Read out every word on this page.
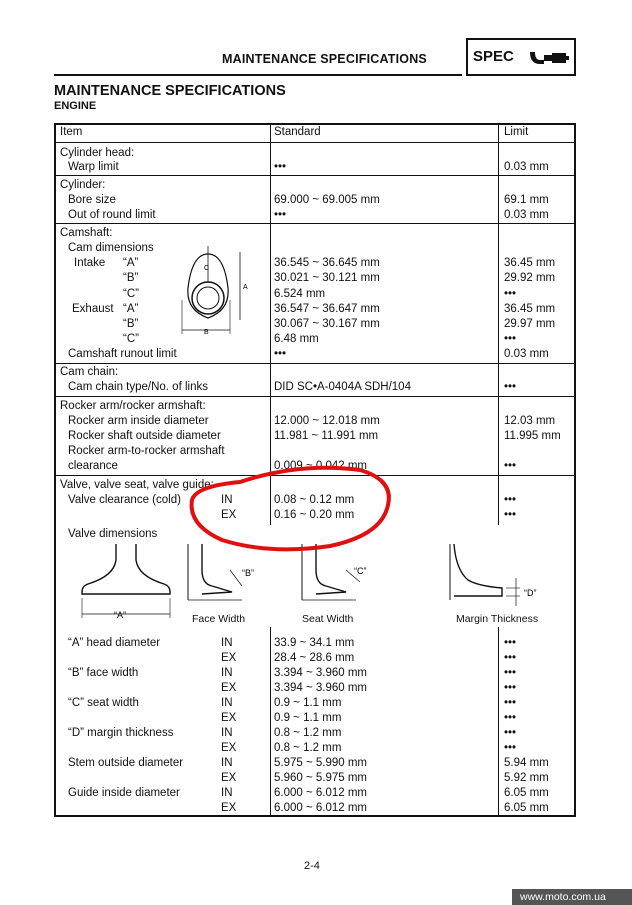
MAINTENANCE SPECIFICATIONS	SPEC
MAINTENANCE SPECIFICATIONS
ENGINE
Item	Standard	Limit
Cylinder head:
Warp limit	•••	0.03 mm
Cylinder:
Bore size	69.000 ~ 69.005 mm	69.1 mm
Out of round limit	•••	0.03 mm
Camshaft:
Cam dimensions
Intake “A”	36.545 ~ 36.645 mm	36.45 mm
“B”	30.021 ~ 30.121 mm	29.92 mm
“C”	6.524 mm	•••
Exhaust “A”	36.547 ~ 36.647 mm	36.45 mm
“B”	30.067 ~ 30.167 mm	29.97 mm
“C”	6.48 mm	•••
Camshaft runout limit	•••	0.03 mm
Cam chain:
Cam chain type/No. of links	DID SC•A-0404A SDH/104	•••
Rocker arm/rocker armshaft:
Rocker arm inside diameter	12.000 ~ 12.018 mm	12.03 mm
Rocker shaft outside diameter	11.981 ~ 11.991 mm	11.995 mm
Rocker arm-to-rocker armshaft
clearance	0.009 ~ 0.042 mm	•••
Valve, valve seat, valve guide:
Valve clearance (cold)	IN	0.08 ~ 0.12 mm	•••
EX	0.16 ~ 0.20 mm	•••
Valve dimensions
“A” head diameter	IN	33.9 ~ 34.1 mm	•••
EX	28.4 ~ 28.6 mm	•••
“B” face width	IN	3.394 ~ 3.960 mm	•••
EX	3.394 ~ 3.960 mm	•••
“C” seat width	IN	0.9 ~ 1.1 mm	•••
EX	0.9 ~ 1.1 mm	•••
“D” margin thickness	IN	0.8 ~ 1.2 mm	•••
EX	0.8 ~ 1.2 mm	•••
Stem outside diameter	IN	5.975 ~ 5.990 mm	5.94 mm
EX	5.960 ~ 5.975 mm	5.92 mm
Guide inside diameter	IN	6.000 ~ 6.012 mm	6.05 mm
EX	6.000 ~ 6.012 mm	6.05 mm
A
B
C
“A”
“B”
Face Width
“C”
Seat Width
“D”
Margin Thickness
2-4
www.moto.com.ua
